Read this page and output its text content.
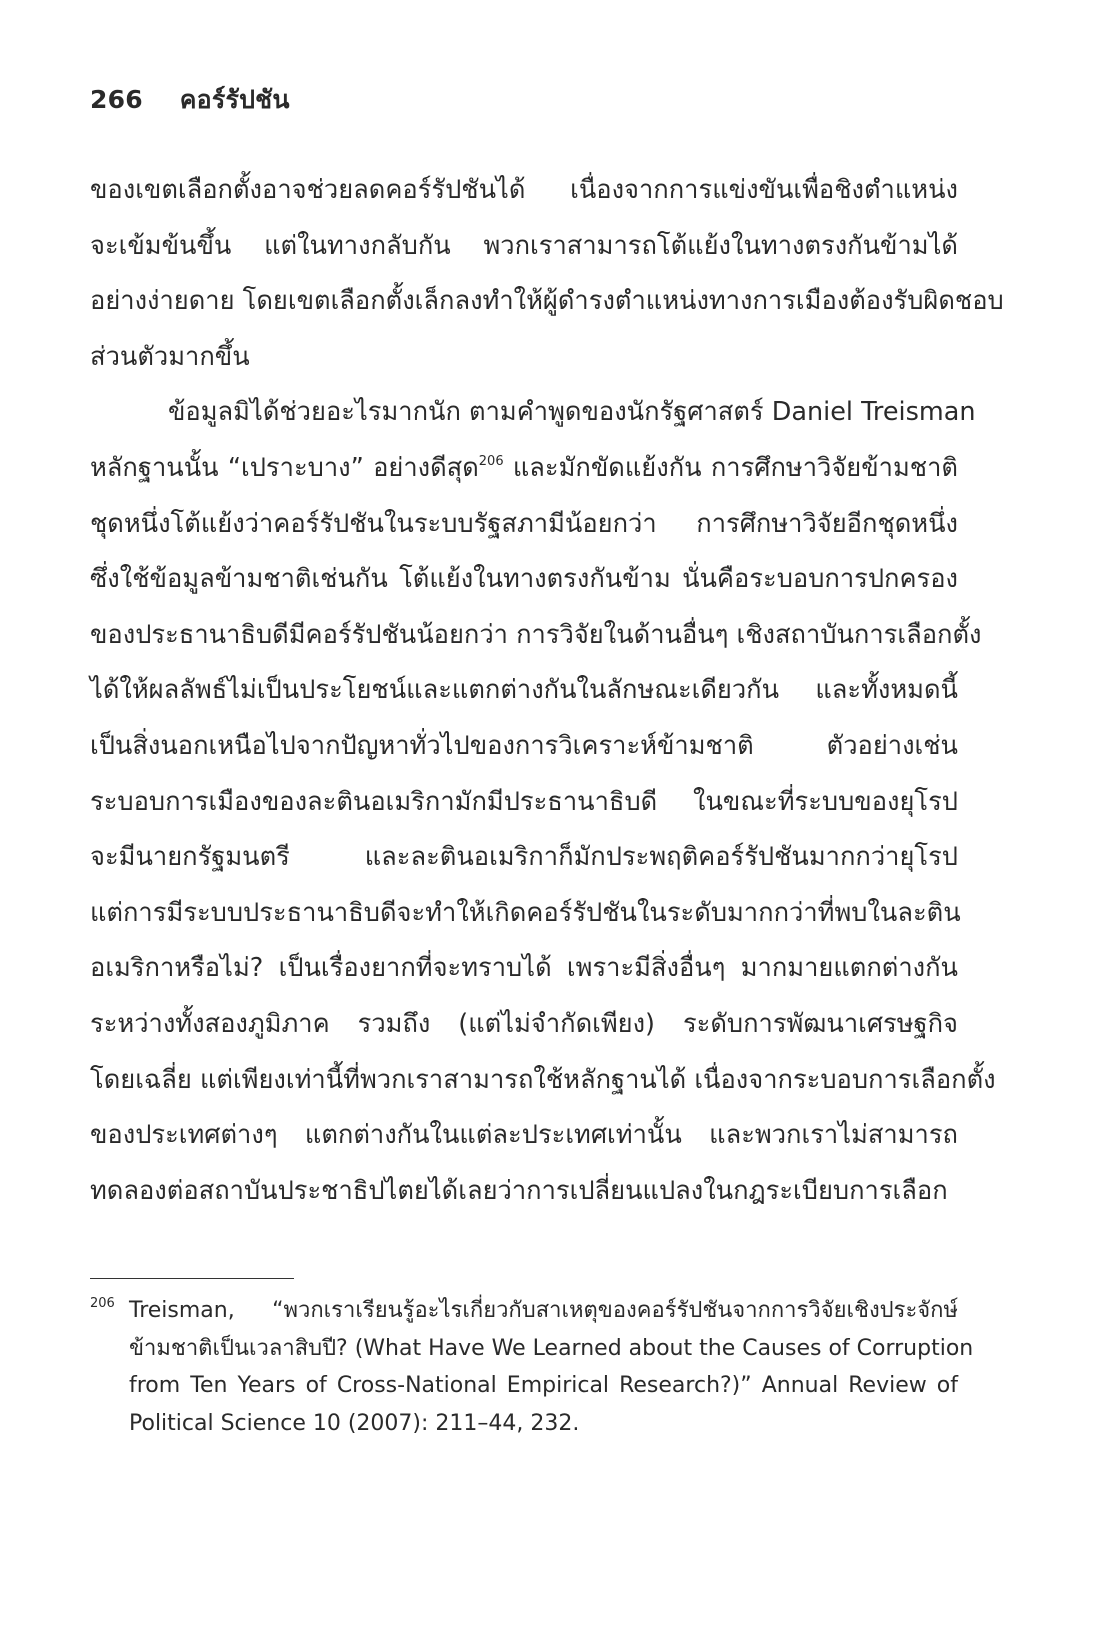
266 คอร์รัปชัน
ของเขตเลือกตั้งอาจช่วยลดคอร์รัปชันได้ เนื่องจากการแข่งขันเพื่อชิงตำแหน่ง
จะเข้มข้นขึ้น แต่ในทางกลับกัน พวกเราสามารถโต้แย้งในทางตรงกันข้ามได้
อย่างง่ายดาย โดยเขตเลือกตั้งเล็กลงทำให้ผู้ดำรงตำแหน่งทางการเมืองต้องรับผิดชอบ
ส่วนตัวมากขึ้น
ข้อมูลมิได้ช่วยอะไรมากนัก ตามคำพูดของนักรัฐศาสตร์ Daniel Treisman
หลักฐานนั้น “เปราะบาง” อย่างดีสุด$^{206}$ และมักขัดแย้งกัน การศึกษาวิจัยข้ามชาติ
ชุดหนึ่งโต้แย้งว่าคอร์รัปชันในระบบรัฐสภามีน้อยกว่า การศึกษาวิจัยอีกชุดหนึ่ง
ซึ่งใช้ข้อมูลข้ามชาติเช่นกัน โต้แย้งในทางตรงกันข้าม นั่นคือระบอบการปกครอง
ของประธานาธิบดีมีคอร์รัปชันน้อยกว่า การวิจัยในด้านอื่นๆ เชิงสถาบันการเลือกตั้ง
ได้ให้ผลลัพธ์ไม่เป็นประโยชน์และแตกต่างกันในลักษณะเดียวกัน และทั้งหมดนี้
เป็นสิ่งนอกเหนือไปจากปัญหาทั่วไปของการวิเคราะห์ข้ามชาติ ตัวอย่างเช่น
ระบอบการเมืองของละตินอเมริกามักมีประธานาธิบดี ในขณะที่ระบบของยุโรป
จะมีนายกรัฐมนตรี และละตินอเมริกาก็มักประพฤติคอร์รัปชันมากกว่ายุโรป
แต่การมีระบบประธานาธิบดีจะทำให้เกิดคอร์รัปชันในระดับมากกว่าที่พบในละติน
อเมริกาหรือไม่? เป็นเรื่องยากที่จะทราบได้ เพราะมีสิ่งอื่นๆ มากมายแตกต่างกัน
ระหว่างทั้งสองภูมิภาค รวมถึง (แต่ไม่จำกัดเพียง) ระดับการพัฒนาเศรษฐกิจ
โดยเฉลี่ย แต่เพียงเท่านี้ที่พวกเราสามารถใช้หลักฐานได้ เนื่องจากระบอบการเลือกตั้ง
ของประเทศต่างๆ แตกต่างกันในแต่ละประเทศเท่านั้น และพวกเราไม่สามารถ
ทดลองต่อสถาบันประชาธิปไตยได้เลยว่าการเปลี่ยนแปลงในกฎระเบียบการเลือก
206 Treisman, “พวกเราเรียนรู้อะไรเกี่ยวกับสาเหตุของคอร์รัปชันจากการวิจัยเชิงประจักษ์
ข้ามชาติเป็นเวลาสิบปี? (What Have We Learned about the Causes of Corruption
from Ten Years of Cross-National Empirical Research?)” Annual Review of
Political Science 10 (2007): 211–44, 232.
